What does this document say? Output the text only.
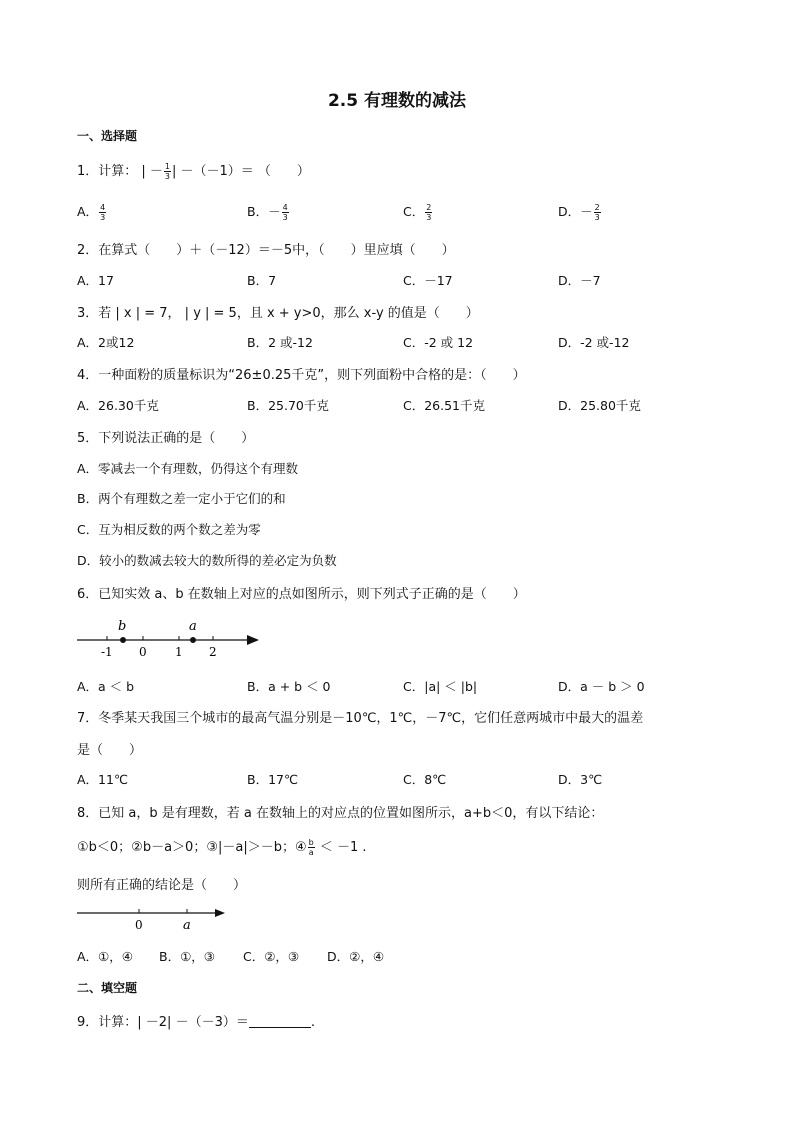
2.5 有理数的减法
一、选择题
1．计算： | － $\frac{1}{3}$ | －（－1）＝ （　　）
A． $\frac{4}{3}$	B．－ $\frac{4}{3}$	C． $\frac{2}{3}$	D．－ $\frac{2}{3}$
2．在算式（　　）＋（－12）＝－5中，（　　）里应填（　　）
A．17	B．7	C．－17	D．－7
3．若 | x | = 7， | y | = 5，且 x + y>0，那么 x-y 的值是（　　）
A．2或12	B．2 或-12	C．-2 或 12	D．-2 或-12
4．一种面粉的质量标识为“26±0.25千克”，则下列面粉中合格的是：（　　）
A．26.30千克	B．25.70千克	C．26.51千克	D．25.80千克
5．下列说法正确的是（　　）
A．零减去一个有理数，仍得这个有理数
B．两个有理数之差一定小于它们的和
C．互为相反数的两个数之差为零
D．较小的数减去较大的数所得的差必定为负数
6．已知实效 a、b 在数轴上对应的点如图所示，则下列式子正确的是（　　）
-1 0 1 2
b	a
A．a ＜ b	B．a + b ＜ 0	C．|a| ＜ |b|	D．a － b ＞ 0
7．冬季某天我国三个城市的最高气温分别是－10℃，1℃，－7℃，它们任意两城市中最大的温差
是（　　）
A．11℃	B．17℃	C．8℃	D．3℃
8．已知 a，b 是有理数，若 a 在数轴上的对应点的位置如图所示，a+b＜0，有以下结论：
①b＜0；②b－a＞0；③|－a|＞－b；④ $\frac{b}{a} < -1$ .
则所有正确的结论是（　　）
0	a
A．①，④ B．①，③ C．②，③ D．②，④
二、填空题
9．计算：| －2| －（－3）＝	.
